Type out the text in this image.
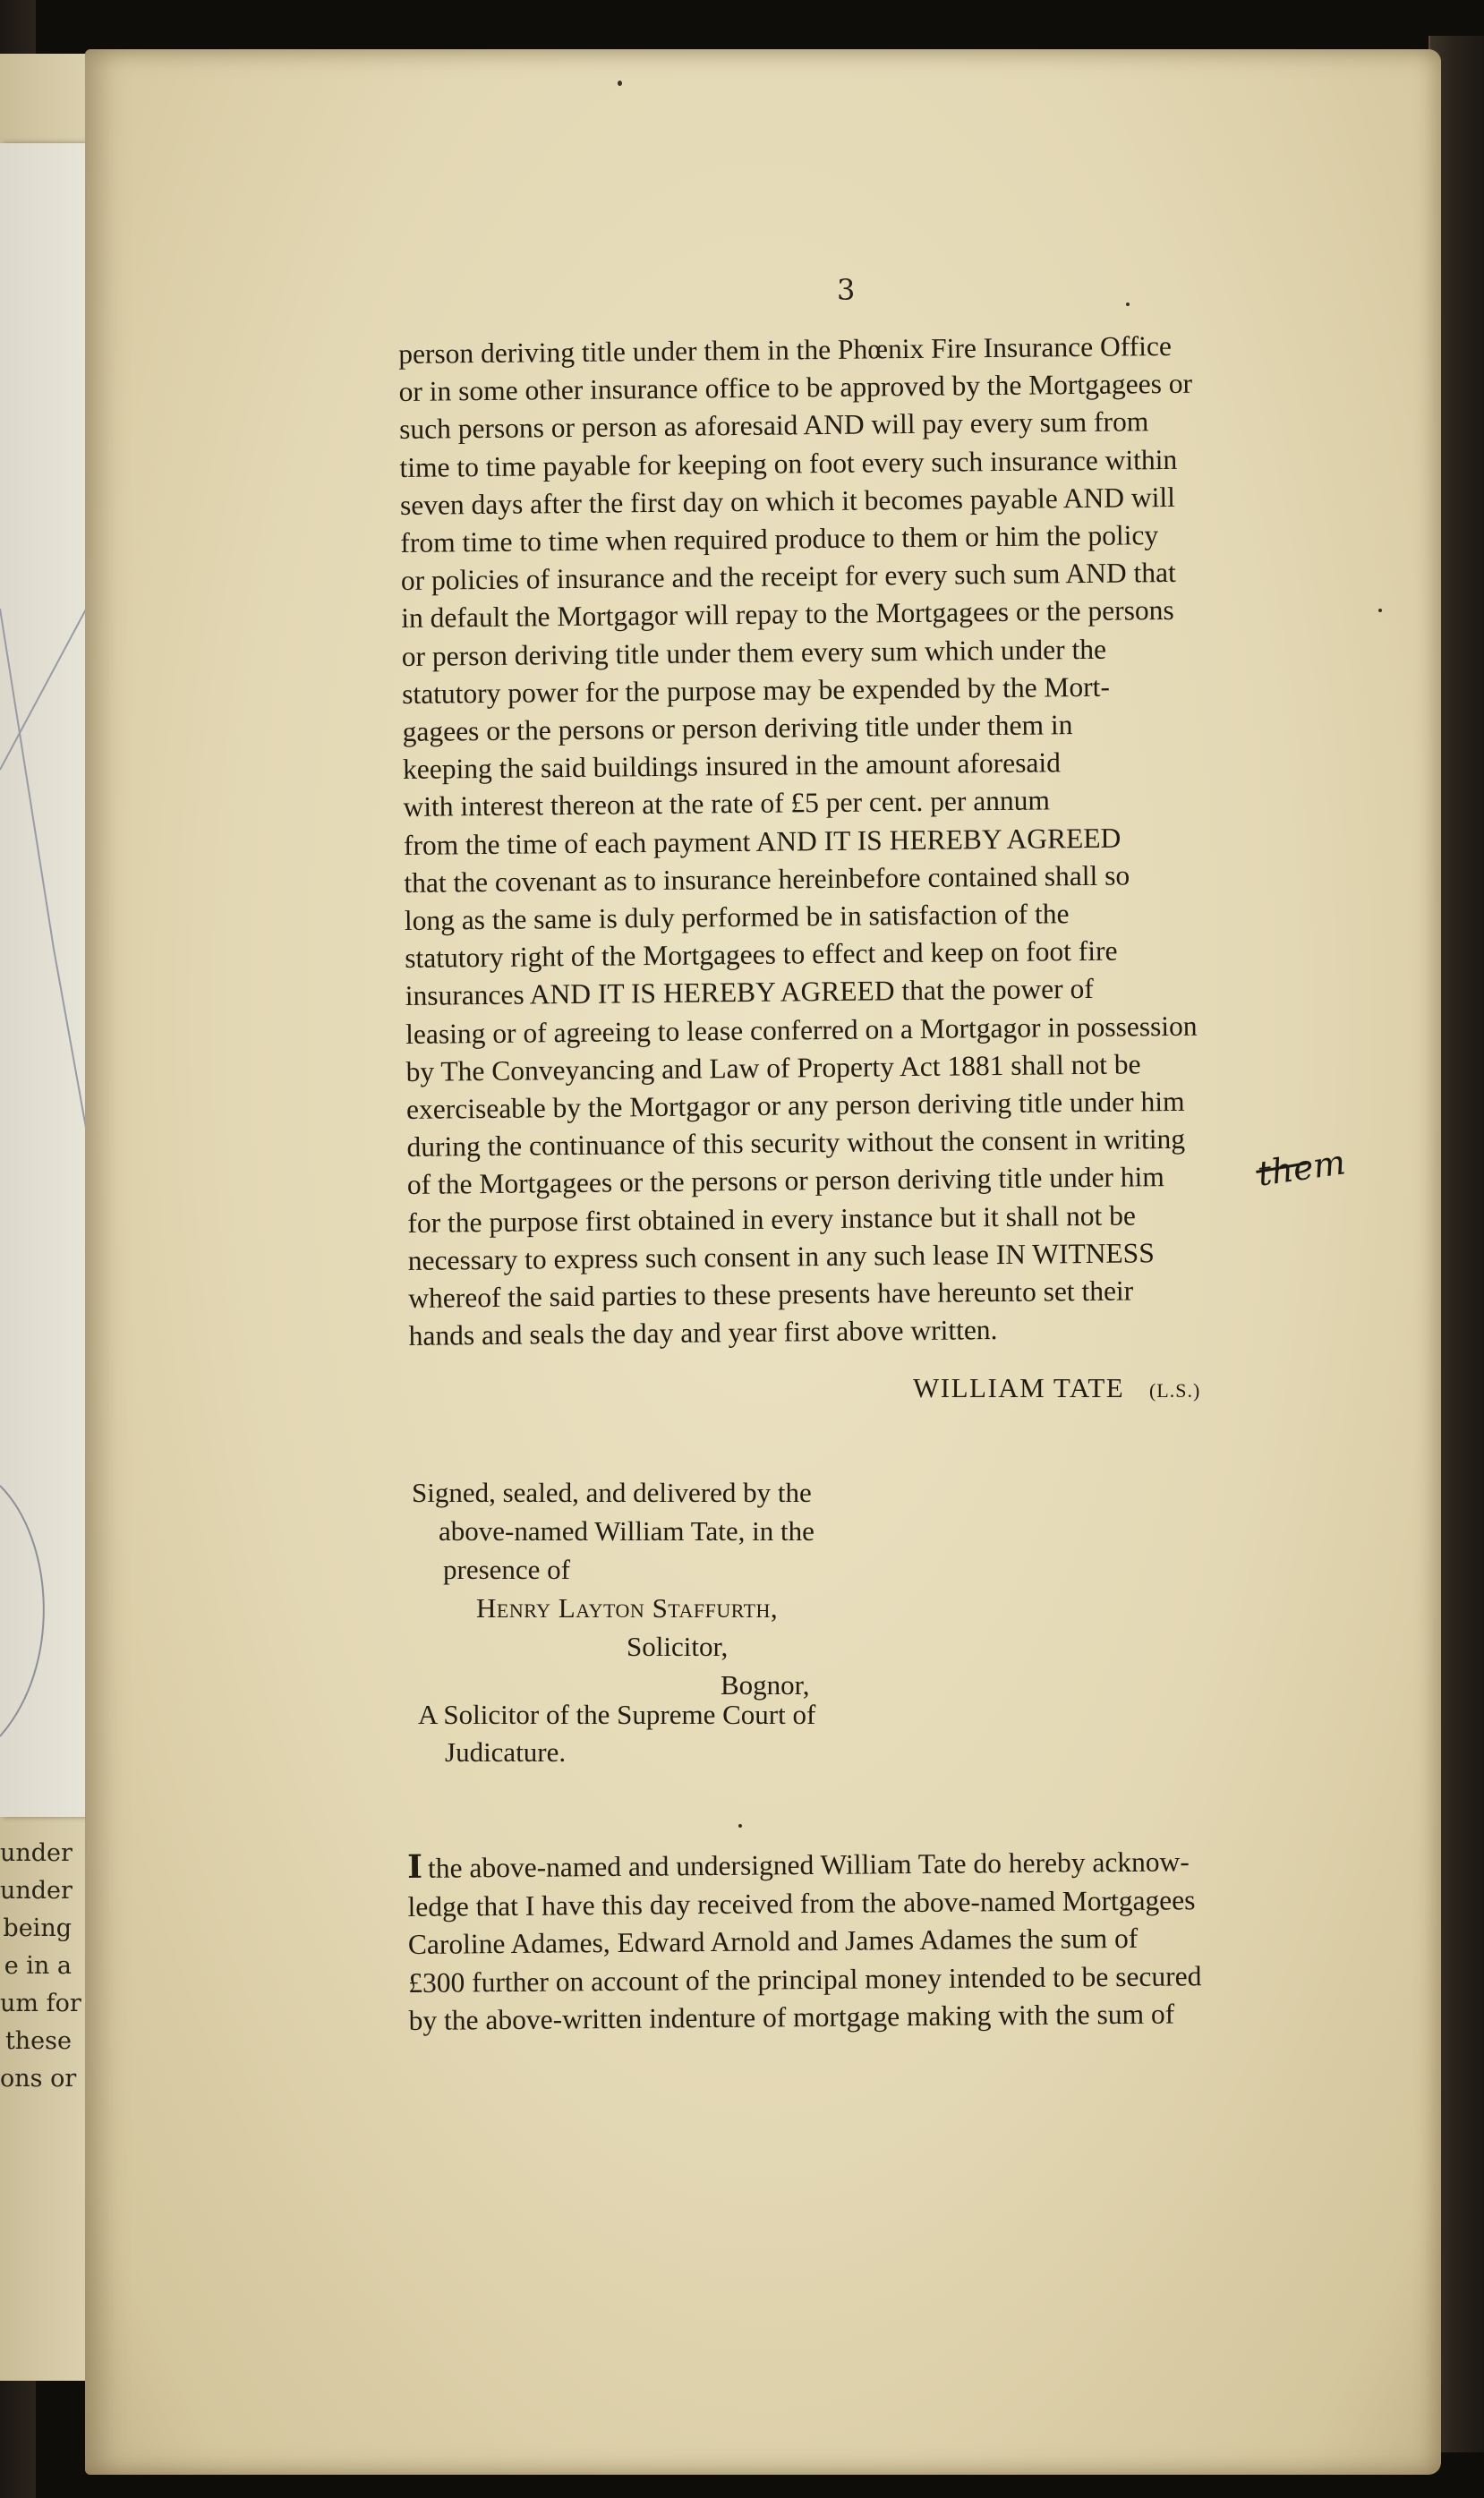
under
under
being
e in a
um for
these
ons or
3
person deriving title under them in the Phœnix Fire Insurance Office
or in some other insurance office to be approved by the Mortgagees or
such persons or person as aforesaid AND will pay every sum from
time to time payable for keeping on foot every such insurance within
seven days after the first day on which it becomes payable AND will
from time to time when required produce to them or him the policy
or policies of insurance and the receipt for every such sum AND that
in default the Mortgagor will repay to the Mortgagees or the persons
or person deriving title under them every sum which under the
statutory power for the purpose may be expended by the Mort-
gagees or the persons or person deriving title under them in
keeping the said buildings insured in the amount aforesaid
with interest thereon at the rate of £5 per cent. per annum
from the time of each payment AND IT IS HEREBY AGREED
that the covenant as to insurance hereinbefore contained shall so
long as the same is duly performed be in satisfaction of the
statutory right of the Mortgagees to effect and keep on foot fire
insurances AND IT IS HEREBY AGREED that the power of
leasing or of agreeing to lease conferred on a Mortgagor in possession
by The Conveyancing and Law of Property Act 1881 shall not be
exerciseable by the Mortgagor or any person deriving title under him
during the continuance of this security without the consent in writing
of the Mortgagees or the persons or person deriving title under him
for the purpose first obtained in every instance but it shall not be
necessary to express such consent in any such lease IN WITNESS
whereof the said parties to these presents have hereunto set their
hands and seals the day and year first above written.
them
WILLIAM TATE (L.S.)
Signed, sealed, and delivered by the
above-named William Tate, in the
presence of
Henry Layton Staffurth,
Solicitor,
Bognor,
A Solicitor of the Supreme Court of
Judicature.
I the above-named and undersigned William Tate do hereby acknow-
ledge that I have this day received from the above-named Mortgagees
Caroline Adames, Edward Arnold and James Adames the sum of
£300 further on account of the principal money intended to be secured
by the above-written indenture of mortgage making with the sum of
